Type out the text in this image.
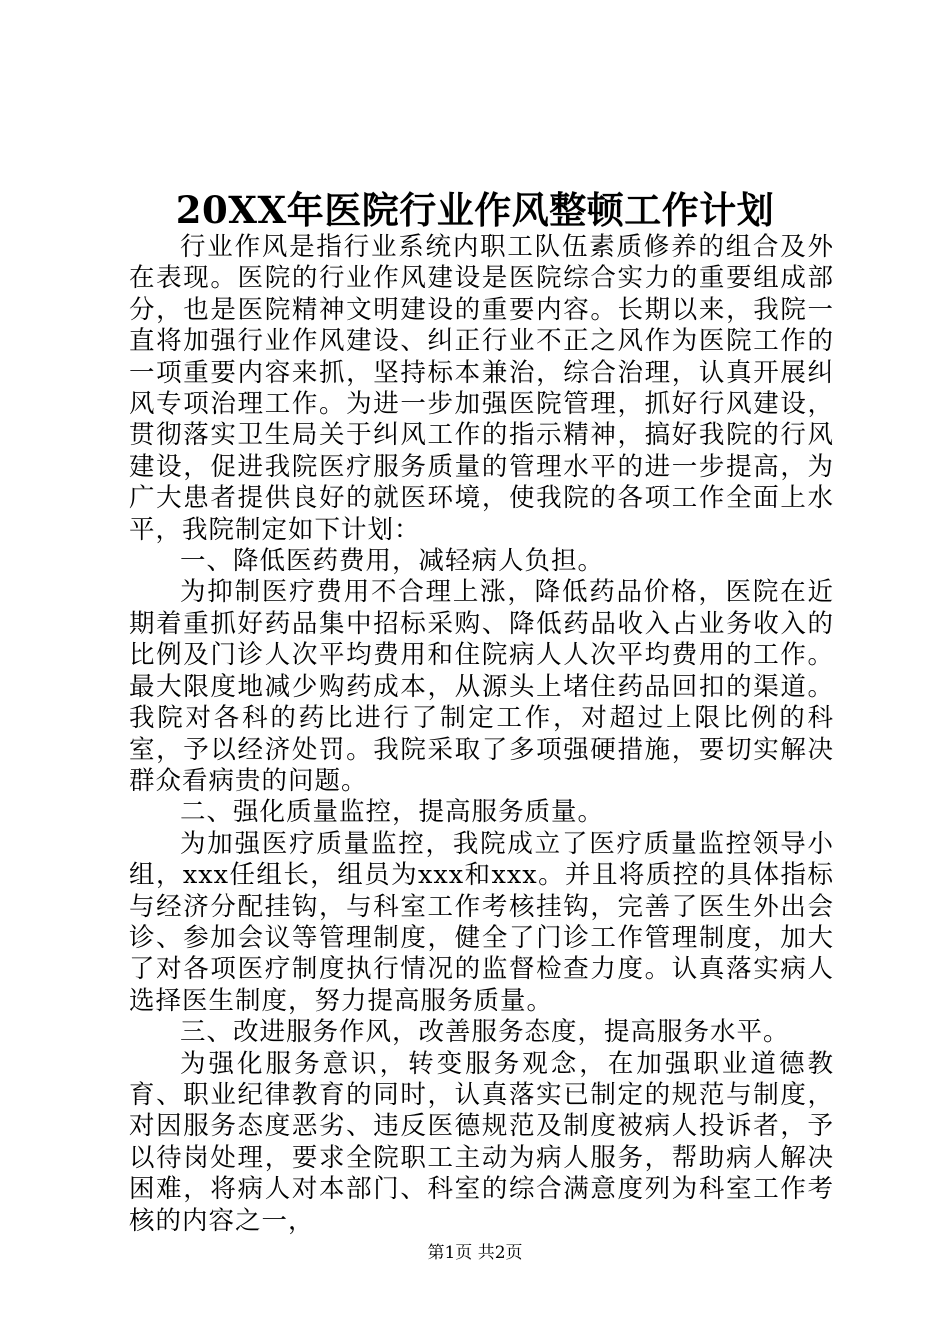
20XX年医院行业作风整顿工作计划

行业作风是指行业系统内职工队伍素质修养的组合及外在表现。医院的行业作风建设是医院综合实力的重要组成部分，也是医院精神文明建设的重要内容。长期以来，我院一直将加强行业作风建设、纠正行业不正之风作为医院工作的一项重要内容来抓，坚持标本兼治，综合治理，认真开展纠风专项治理工作。为进一步加强医院管理，抓好行风建设，贯彻落实卫生局关于纠风工作的指示精神，搞好我院的行风建设，促进我院医疗服务质量的管理水平的进一步提高，为广大患者提供良好的就医环境，使我院的各项工作全面上水平，我院制定如下计划：

一、降低医药费用，减轻病人负担。

为抑制医疗费用不合理上涨，降低药品价格，医院在近期着重抓好药品集中招标采购、降低药品收入占业务收入的比例及门诊人次平均费用和住院病人人次平均费用的工作。最大限度地减少购药成本，从源头上堵住药品回扣的渠道。我院对各科的药比进行了制定工作，对超过上限比例的科室，予以经济处罚。我院采取了多项强硬措施，要切实解决群众看病贵的问题。

二、强化质量监控，提高服务质量。

为加强医疗质量监控，我院成立了医疗质量监控领导小组，xxx任组长，组员为xxx和xxx。并且将质控的具体指标与经济分配挂钩，与科室工作考核挂钩，完善了医生外出会诊、参加会议等管理制度，健全了门诊工作管理制度，加大了对各项医疗制度执行情况的监督检查力度。认真落实病人选择医生制度，努力提高服务质量。

三、改进服务作风，改善服务态度，提高服务水平。

为强化服务意识，转变服务观念，在加强职业道德教育、职业纪律教育的同时，认真落实已制定的规范与制度，对因服务态度恶劣、违反医德规范及制度被病人投诉者，予以待岗处理，要求全院职工主动为病人服务，帮助病人解决困难，将病人对本部门、科室的综合满意度列为科室工作考核的内容之一，

第1页 共2页
